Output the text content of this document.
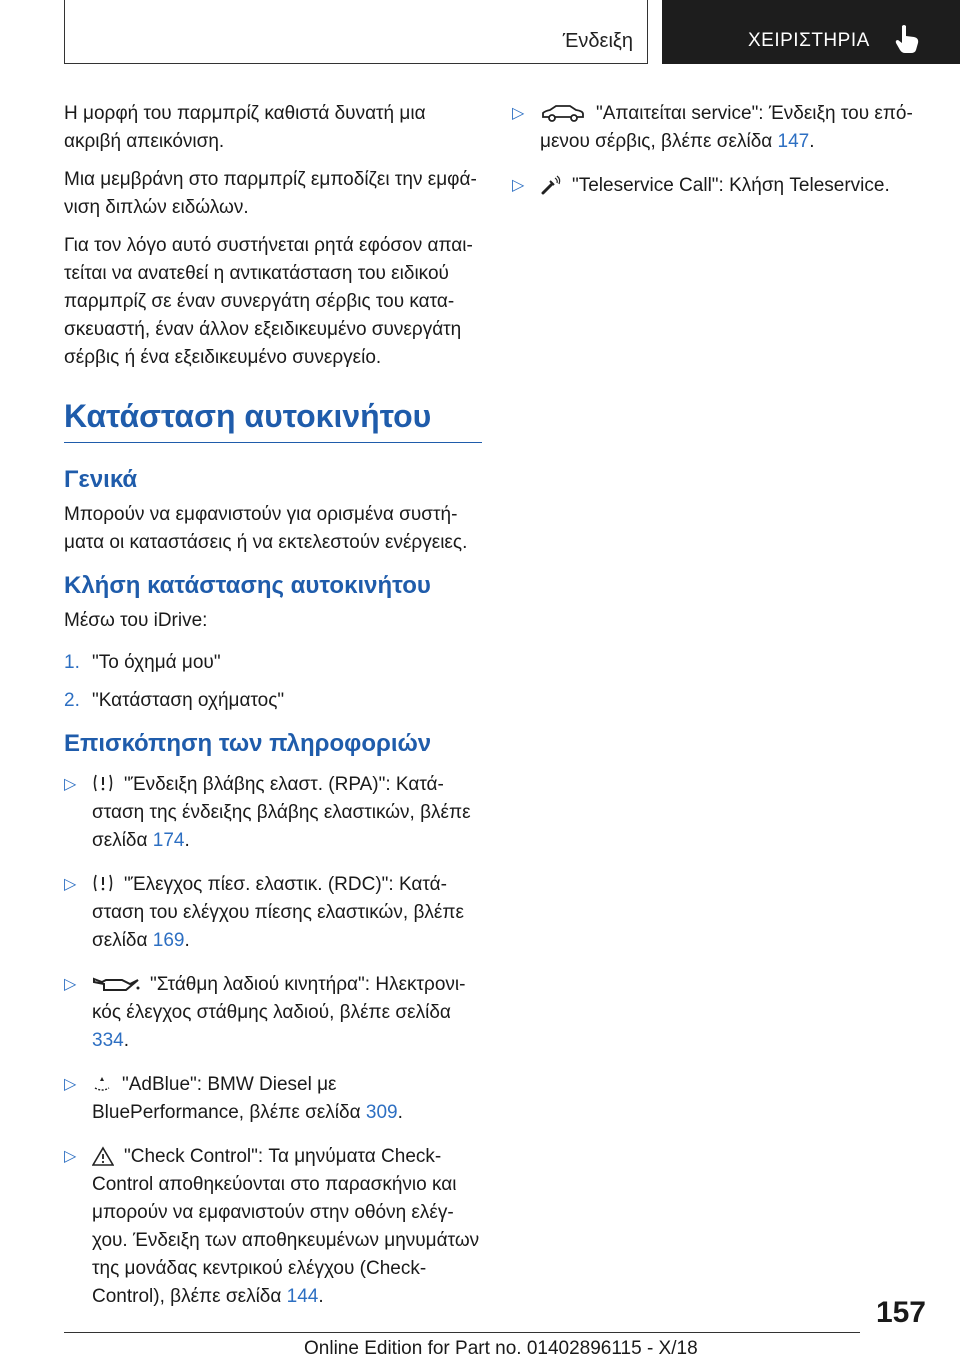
Ένδειξη	ΧΕΙΡΙΣΤΗΡΙΑ

Η μορφή του παρμπρίζ καθιστά δυνατή μια ακριβή απεικόνιση.

Μια μεμβράνη στο παρμπρίζ εμποδίζει την εμφάνιση διπλών ειδώλων.

Για τον λόγο αυτό συστήνεται ρητά εφόσον απαιτείται να ανατεθεί η αντικατάσταση του ειδικού παρμπρίζ σε έναν συνεργάτη σέρβις του κατασκευαστή, έναν άλλον εξειδικευμένο συνεργάτη σέρβις ή ένα εξειδικευμένο συνεργείο.

Κατάσταση αυτοκινήτου
Γενικά

Μπορούν να εμφανιστούν για ορισμένα συστήματα οι καταστάσεις ή να εκτελεστούν ενέργειες.

Κλήση κατάστασης αυτοκινήτου

Μέσω του iDrive:

1. "Το όχημά μου"
2. "Κατάσταση οχήματος"
Επισκόπηση των πληροφοριών
▷	"Ένδειξη βλάβης ελαστ. (RPA)": Κατάσταση της ένδειξης βλάβης ελαστικών, βλέπε σελίδα 174.
▷	"Έλεγχος πίεσ. ελαστικ. (RDC)": Κατάσταση του ελέγχου πίεσης ελαστικών, βλέπε σελίδα 169.
▷	"Στάθμη λαδιού κινητήρα": Ηλεκτρονικός έλεγχος στάθμης λαδιού, βλέπε σελίδα 334.
▷ "AdBlue": BMW Diesel με BluePerformance, βλέπε σελίδα 309.
▷	"Check Control": Τα μηνύματα Check-Control αποθηκεύονται στο παρασκήνιο και μπορούν να εμφανιστούν στην οθόνη ελέγχου. Ένδειξη των αποθηκευμένων μηνυμάτων της μονάδας κεντρικού ελέγχου (Check-Control), βλέπε σελίδα 144.
▷	"Απαιτείται service": Ένδειξη του επόμενου σέρβις, βλέπε σελίδα 147.
▷	"Teleservice Call": Κλήση Teleservice.
157
Online Edition for Part no. 01402896115 - X/18
